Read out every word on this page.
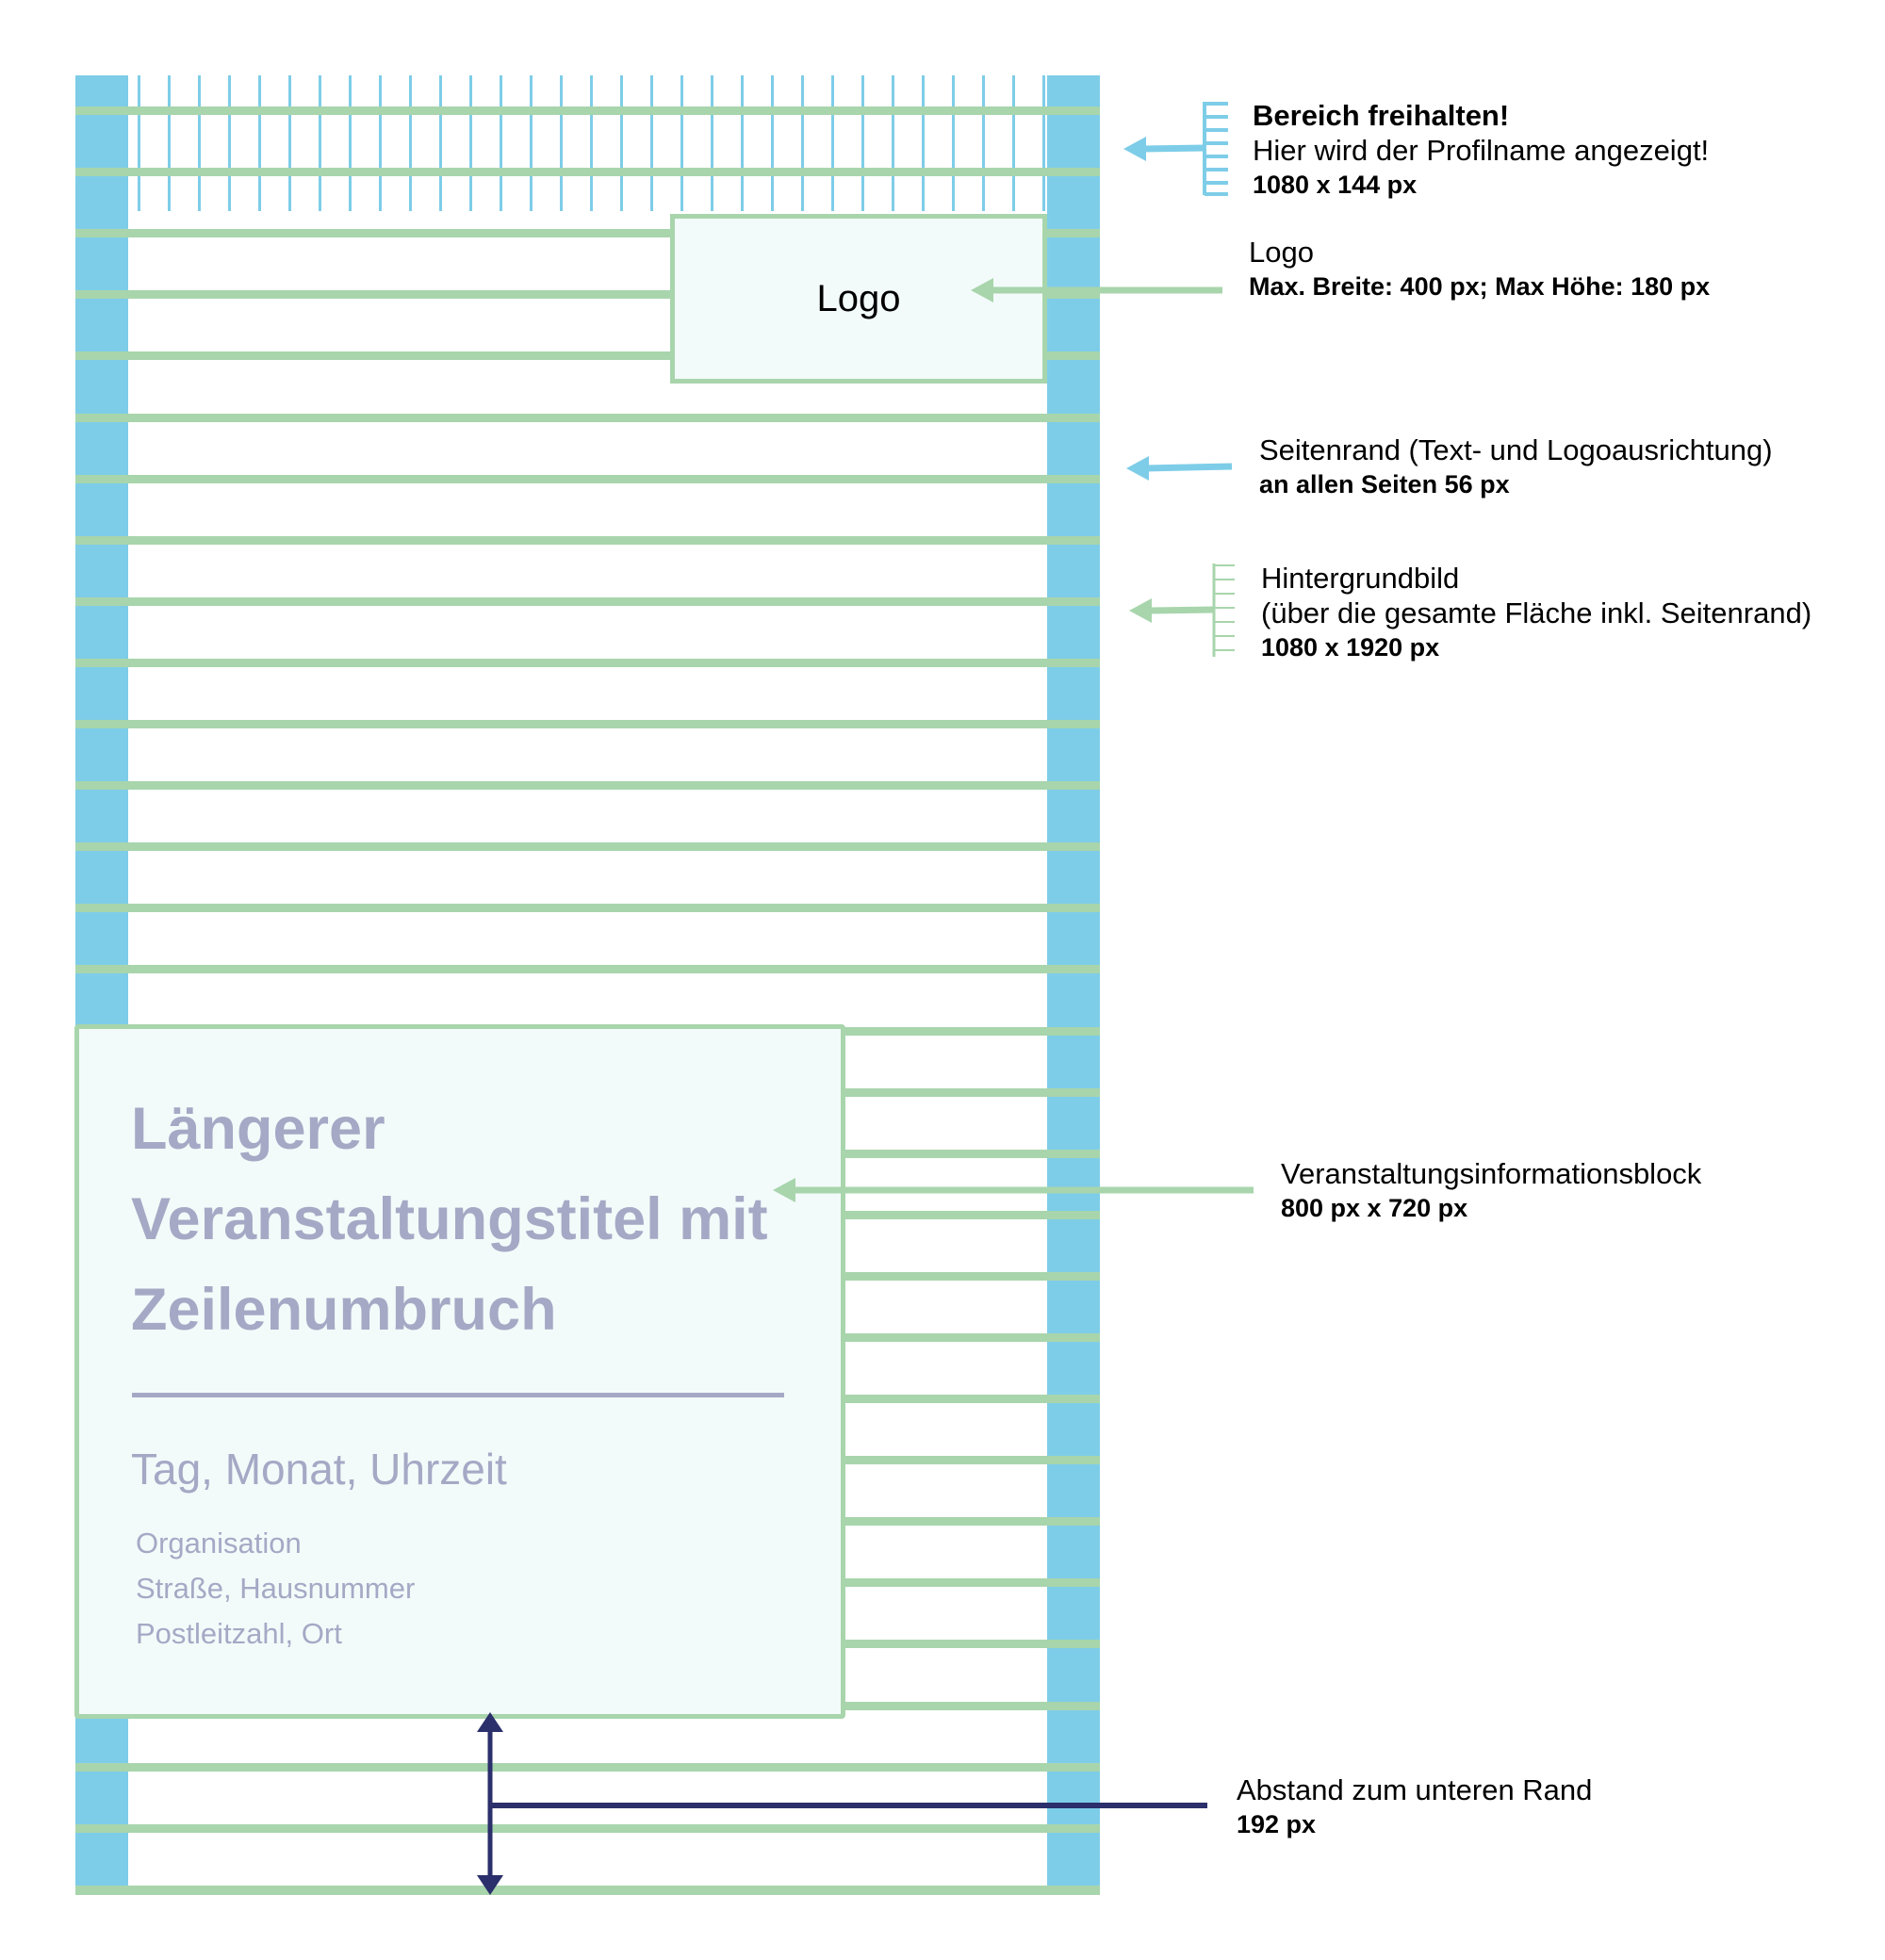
Logo
Längerer
Veranstaltungstitel mit
Zeilenumbruch
Tag, Monat, Uhrzeit
Organisation
Straße, Hausnummer
Postleitzahl, Ort
Bereich freihalten!
Hier wird der Profilname angezeigt!
1080 x 144 px
Logo
Max. Breite: 400 px; Max Höhe: 180 px
Seitenrand (Text- und Logoausrichtung)
an allen Seiten 56 px
Hintergrundbild
(über die gesamte Fläche inkl. Seitenrand)
1080 x 1920 px
Veranstaltungsinformationsblock
800 px x 720 px
Abstand zum unteren Rand
192 px
